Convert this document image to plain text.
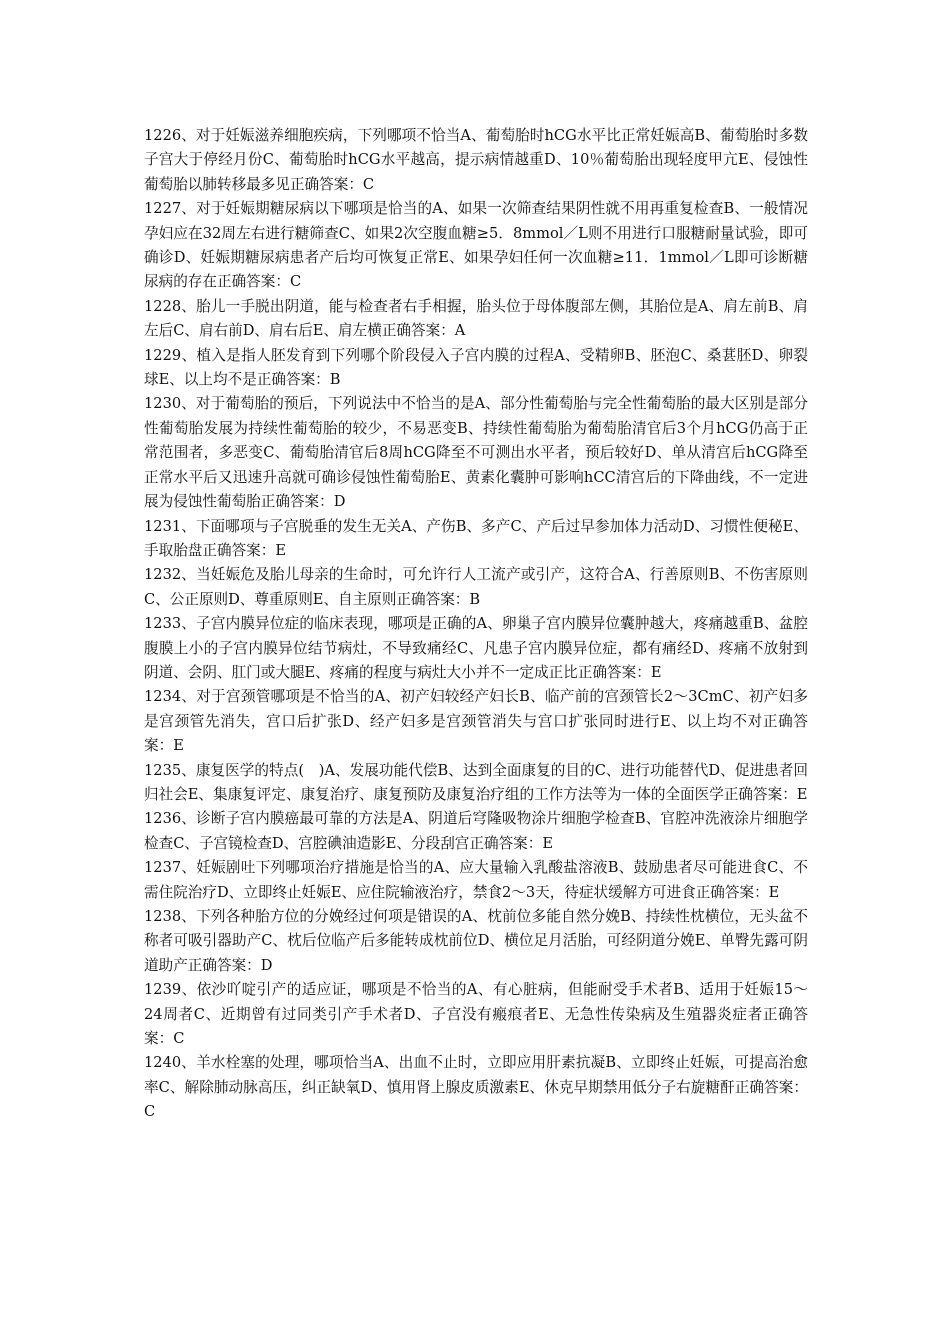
1226、对于妊娠滋养细胞疾病，下列哪项不恰当A、葡萄胎时hCG水平比正常妊娠高B、葡萄胎时多数子宫大于停经月份C、葡萄胎时hCG水平越高，提示病情越重D、10％葡萄胎出现轻度甲亢E、侵蚀性葡萄胎以肺转移最多见正确答案：C

1227、对于妊娠期糖尿病以下哪项是恰当的A、如果一次筛查结果阴性就不用再重复检查B、一般情况孕妇应在32周左右进行糖筛查C、如果2次空腹血糖≥5．8mmol／L则不用进行口服糖耐量试验，即可确诊D、妊娠期糖尿病患者产后均可恢复正常E、如果孕妇任何一次血糖≥11．1mmol／L即可诊断糖尿病的存在正确答案：C

1228、胎儿一手脱出阴道，能与检查者右手相握，胎头位于母体腹部左侧，其胎位是A、肩左前B、肩左后C、肩右前D、肩右后E、肩左横正确答案：A

1229、植入是指人胚发育到下列哪个阶段侵入子宫内膜的过程A、受精卵B、胚泡C、桑葚胚D、卵裂球E、以上均不是正确答案：B

1230、对于葡萄胎的预后，下列说法中不恰当的是A、部分性葡萄胎与完全性葡萄胎的最大区别是部分性葡萄胎发展为持续性葡萄胎的较少，不易恶变B、持续性葡萄胎为葡萄胎清官后3个月hCG仍高于正常范围者，多恶变C、葡萄胎清官后8周hCG降至不可测出水平者，预后较好D、单从清宫后hCG降至正常水平后又迅速升高就可确诊侵蚀性葡萄胎E、黄素化囊肿可影响hCC清宫后的下降曲线，不一定进展为侵蚀性葡萄胎正确答案：D

1231、下面哪项与子宫脱垂的发生无关A、产伤B、多产C、产后过早参加体力活动D、习惯性便秘E、手取胎盘正确答案：E

1232、当妊娠危及胎儿母亲的生命时，可允许行人工流产或引产，这符合A、行善原则B、不伤害原则C、公正原则D、尊重原则E、自主原则正确答案：B

1233、子宫内膜异位症的临床表现，哪项是正确的A、卵巢子宫内膜异位囊肿越大，疼痛越重B、盆腔腹膜上小的子宫内膜异位结节病灶，不导致痛经C、凡患子宫内膜异位症，都有痛经D、疼痛不放射到阴道、会阴、肛门或大腿E、疼痛的程度与病灶大小并不一定成正比正确答案：E

1234、对于宫颈管哪项是不恰当的A、初产妇较经产妇长B、临产前的宫颈管长2～3CmC、初产妇多是宫颈管先消失，宫口后扩张D、经产妇多是宫颈管消失与宫口扩张同时进行E、以上均不对正确答案：E

1235、康复医学的特点(　)A、发展功能代偿B、达到全面康复的目的C、进行功能替代D、促进患者回归社会E、集康复评定、康复治疗、康复预防及康复治疗组的工作方法等为一体的全面医学正确答案：E

1236、诊断子宫内膜癌最可靠的方法是A、阴道后穹隆吸物涂片细胞学检查B、官腔冲洗液涂片细胞学检查C、子宫镜检查D、宫腔碘油造影E、分段刮宫正确答案：E

1237、妊娠剧吐下列哪项治疗措施是恰当的A、应大量输入乳酸盐溶液B、鼓励患者尽可能进食C、不需住院治疗D、立即终止妊娠E、应住院输液治疗，禁食2～3天，待症状缓解方可进食正确答案：E

1238、下列各种胎方位的分娩经过何项是错误的A、枕前位多能自然分娩B、持续性枕横位，无头盆不称者可吸引器助产C、枕后位临产后多能转成枕前位D、横位足月活胎，可经阴道分娩E、单臀先露可阴道助产正确答案：D

1239、依沙吖啶引产的适应证，哪项是不恰当的A、有心脏病，但能耐受手术者B、适用于妊娠15～24周者C、近期曾有过同类引产手术者D、子宫没有瘢痕者E、无急性传染病及生殖器炎症者正确答案：C

1240、羊水栓塞的处理，哪项恰当A、出血不止时，立即应用肝素抗凝B、立即终止妊娠，可提高治愈率C、解除肺动脉高压，纠正缺氧D、慎用肾上腺皮质激素E、休克早期禁用低分子右旋糖酐正确答案：C
